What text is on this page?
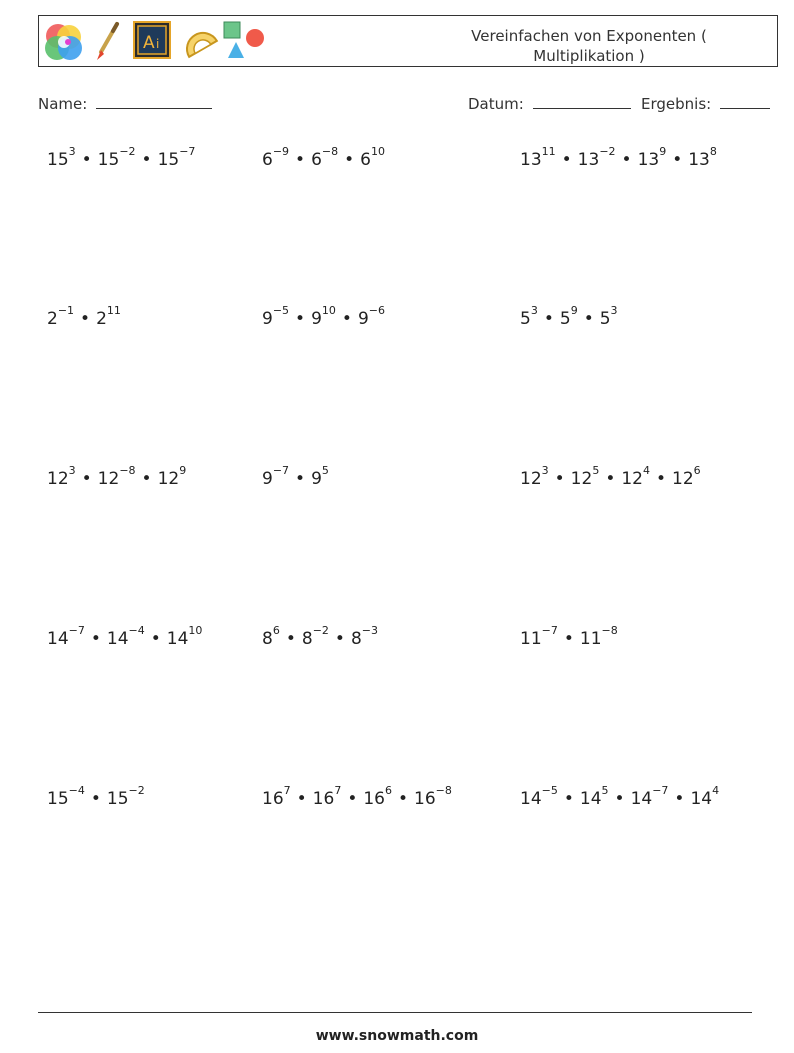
A i	Vereinfachen von Exponenten (
Multiplikation )
Name:	Datum:	Ergebnis:
$15^3$ • $15^{-2}$ • $15^{-7}$	$6^{-9}$ • $6^{-8}$ • $6^{10}$	$13^{11}$ • $13^{-2}$ • $13^9$ • $13^8$
$2^{-1}$ • $2^{11}$	$9^{-5}$ • $9^{10}$ • $9^{-6}$	$5^3$ • $5^9$ • $5^3$
$12^3$ • $12^{-8}$ • $12^9$	$9^{-7}$ • $9^5$	$12^3$ • $12^5$ • $12^4$ • $12^6$
$14^{-7}$ • $14^{-4}$ • $14^{10}$	$8^6$ • $8^{-2}$ • $8^{-3}$	$11^{-7}$ • $11^{-8}$
$15^{-4}$ • $15^{-2}$	$16^7$ • $16^7$ • $16^6$ • $16^{-8}$	$14^{-5}$ • $14^5$ • $14^{-7}$ • $14^4$
www.snowmath.com
